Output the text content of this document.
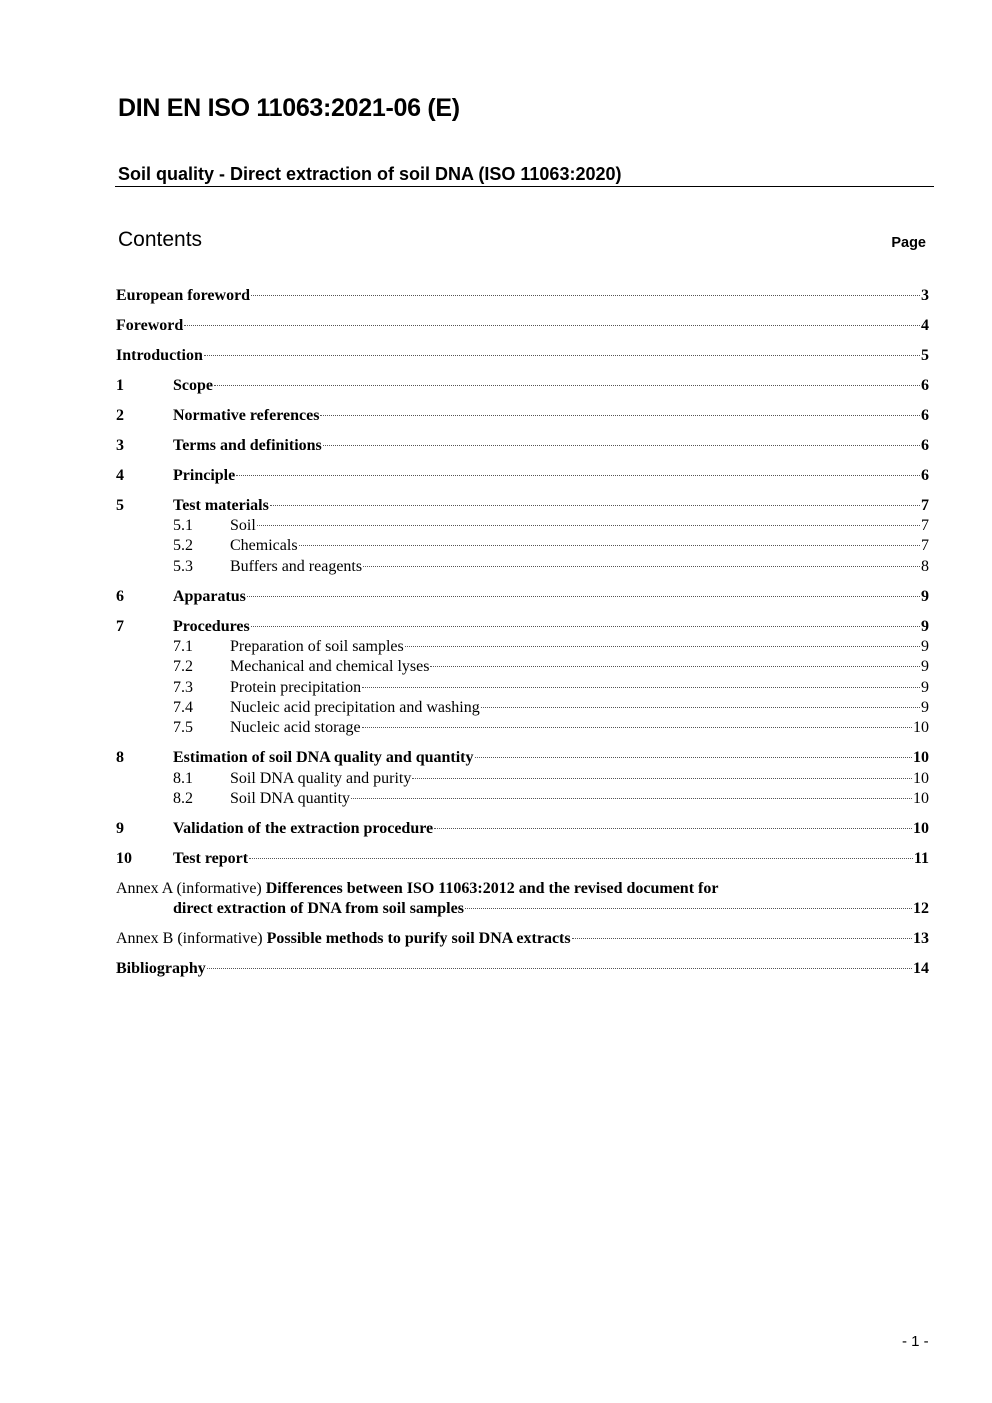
DIN EN ISO 11063:2021-06 (E)
Soil quality - Direct extraction of soil DNA (ISO 11063:2020)
Contents	Page
European foreword	3
Foreword	4
Introduction	5
1	Scope	6
2	Normative references	6
3	Terms and definitions	6
4	Principle	6
5	Test materials	7
5.1	Soil	7
5.2	Chemicals	7
5.3	Buffers and reagents	8
6	Apparatus	9
7	Procedures	9
7.1	Preparation of soil samples	9
7.2	Mechanical and chemical lyses	9
7.3	Protein precipitation	9
7.4	Nucleic acid precipitation and washing	9
7.5	Nucleic acid storage	10
8	Estimation of soil DNA quality and quantity	10
8.1	Soil DNA quality and purity	10
8.2	Soil DNA quantity	10
9	Validation of the extraction procedure	10
10	Test report	11
Annex A (informative)
Differences between ISO 11063:2012 and the revised document for
direct extraction of DNA from soil samples	12
Annex B (informative)
Possible methods to purify soil DNA extracts	13
Bibliography	14
- 1 -
